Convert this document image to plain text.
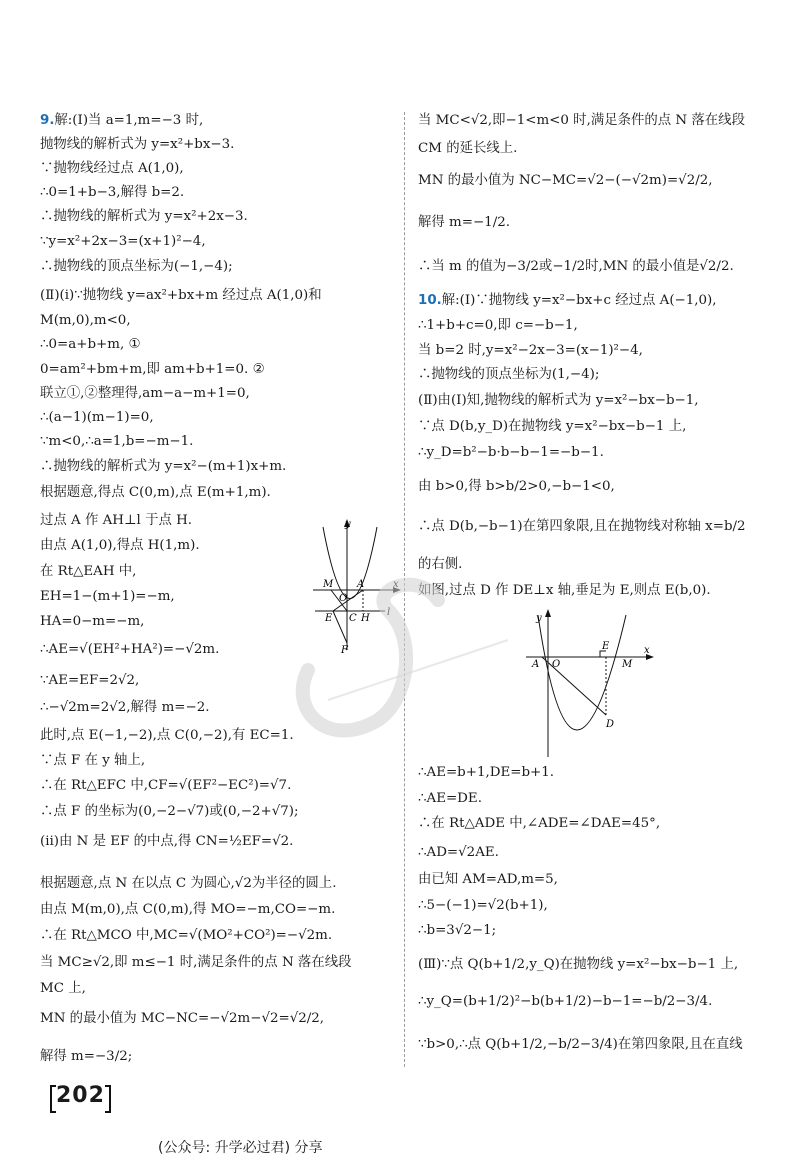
9.解:(Ⅰ)当 a=1,m=−3 时,
抛物线的解析式为 y=x²+bx−3.
∵抛物线经过点 A(1,0),
∴0=1+b−3,解得 b=2.
∴抛物线的解析式为 y=x²+2x−3.
∵y=x²+2x−3=(x+1)²−4,
∴抛物线的顶点坐标为(−1,−4);
(Ⅱ)(ⅰ)∵抛物线 y=ax²+bx+m 经过点 A(1,0)和
M(m,0),m<0,
∴0=a+b+m, ①
0=am²+bm+m,即 am+b+1=0. ②
联立①,②整理得,am−a−m+1=0,
∴(a−1)(m−1)=0,
∵m<0,∴a=1,b=−m−1.
∴抛物线的解析式为 y=x²−(m+1)x+m.
根据题意,得点 C(0,m),点 E(m+1,m).
过点 A 作 AH⊥l 于点 H.
由点 A(1,0),得点 H(1,m).
在 Rt△EAH 中,
EH=1−(m+1)=−m,
HA=0−m=−m,
∴AE=√(EH²+HA²)=−√2m.
∵AE=EF=2√2,
∴−√2m=2√2,解得 m=−2.
此时,点 E(−1,−2),点 C(0,−2),有 EC=1.
∵点 F 在 y 轴上,
∴在 Rt△EFC 中,CF=√(EF²−EC²)=√7.
∴点 F 的坐标为(0,−2−√7)或(0,−2+√7);
(ⅱ)由 N 是 EF 的中点,得 CN=½EF=√2.
根据题意,点 N 在以点 C 为圆心,√2为半径的圆上.
由点 M(m,0),点 C(0,m),得 MO=−m,CO=−m.
∴在 Rt△MCO 中,MC=√(MO²+CO²)=−√2m.
当 MC≥√2,即 m≤−1 时,满足条件的点 N 落在线段
MC 上,
MN 的最小值为 MC−NC=−√2m−√2=√2/2,
解得 m=−3/2;
当 MC<√2,即−1<m<0 时,满足条件的点 N 落在线段
CM 的延长线上.
MN 的最小值为 NC−MC=√2−(−√2m)=√2/2,
解得 m=−1/2.
∴当 m 的值为−3/2或−1/2时,MN 的最小值是√2/2.
10.解:(Ⅰ)∵抛物线 y=x²−bx+c 经过点 A(−1,0),
∴1+b+c=0,即 c=−b−1,
当 b=2 时,y=x²−2x−3=(x−1)²−4,
∴抛物线的顶点坐标为(1,−4);
(Ⅱ)由(Ⅰ)知,抛物线的解析式为 y=x²−bx−b−1,
∵点 D(b,y_D)在抛物线 y=x²−bx−b−1 上,
∴y_D=b²−b·b−b−1=−b−1.
由 b>0,得 b>b/2>0,−b−1<0,
∴点 D(b,−b−1)在第四象限,且在抛物线对称轴 x=b/2
的右侧.
如图,过点 D 作 DE⊥x 轴,垂足为 E,则点 E(b,0).
∴AE=b+1,DE=b+1.
∴AE=DE.
∴在 Rt△ADE 中,∠ADE=∠DAE=45°,
∴AD=√2AE.
由已知 AM=AD,m=5,
∴5−(−1)=√2(b+1),
∴b=3√2−1;
(Ⅲ)∵点 Q(b+1/2,y_Q)在抛物线 y=x²−bx−b−1 上,
∴y_Q=(b+1/2)²−b(b+1/2)−b−1=−b/2−3/4.
∵b>0,∴点 Q(b+1/2,−b/2−3/4)在第四象限,且在直线
y
x
M A
O
E C H
l
F
y
x
A O
E
M
D
202
(公众号: 升学必过君) 分享
